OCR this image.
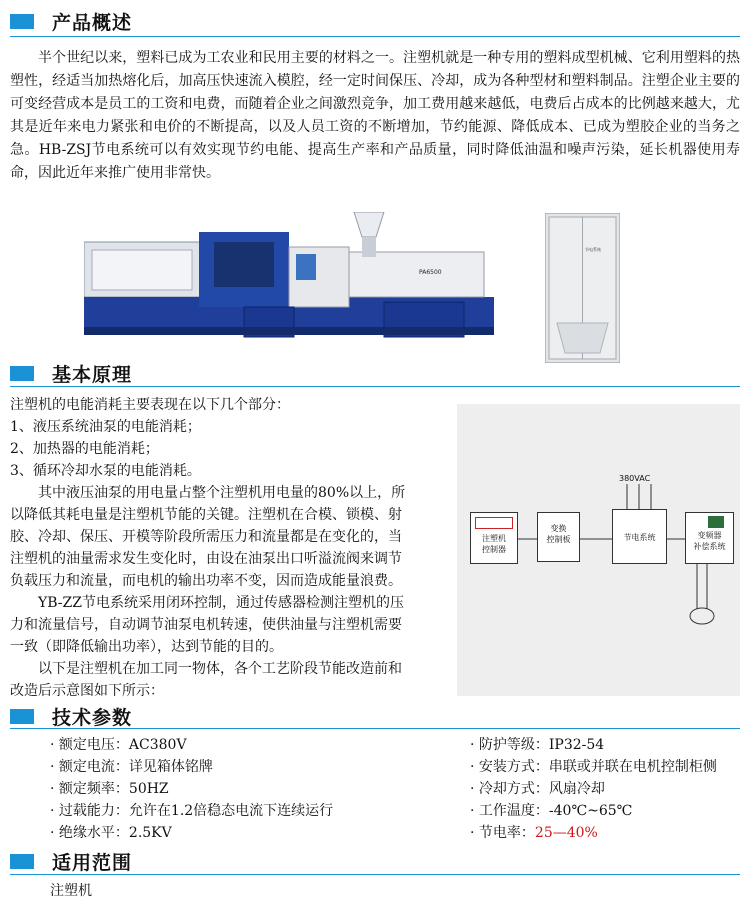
产品概述
半个世纪以来，塑料已成为工农业和民用主要的材料之一。注塑机就是一种专用的塑料成型机械、它利用塑料的热塑性，经适当加热熔化后，加高压快速流入模腔，经一定时间保压、冷却，成为各种型材和塑料制品。注塑企业主要的可变经营成本是员工的工资和电费，而随着企业之间激烈竞争，加工费用越来越低，电费后占成本的比例越来越大，尤其是近年来电力紧张和电价的不断提高，以及人员工资的不断增加，节约能源、降低成本、已成为塑胶企业的当务之急。HB-ZSJ节电系统可以有效实现节约电能、提高生产率和产品质量，同时降低油温和噪声污染，延长机器使用寿命，因此近年来推广使用非常快。
PA6500
节电系统
基本原理
注塑机的电能消耗主要表现在以下几个部分：
1、液压系统油泵的电能消耗；
2、加热器的电能消耗；
3、循环冷却水泵的电能消耗。
　　其中液压油泵的用电量占整个注塑机用电量的80%以上，所
以降低其耗电量是注塑机节能的关键。注塑机在合模、锁模、射
胶、冷却、保压、开模等阶段所需压力和流量都是在变化的，当
注塑机的油量需求发生变化时，由设在油泵出口听溢流阀来调节
负载压力和流量，而电机的输出功率不变，因而造成能量浪费。
　　YB-ZZ节电系统采用闭环控制，通过传感器检测注塑机的压
力和流量信号，自动调节油泵电机转速，使供油量与注塑机需要
一致（即降低输出功率），达到节能的目的。
　　以下是注塑机在加工同一物体，各个工艺阶段节能改造前和
改造后示意图如下所示：
380VAC
注塑机
控制器
变换
控制板	节电系统	变频器
补偿系统
技术参数
· 额定电压：AC380V
· 额定电流：详见箱体铭牌
· 额定频率：50HZ
· 过载能力：允许在1.2倍稳态电流下连续运行
· 绝缘水平：2.5KV
· 防护等级：IP32-54
· 安装方式：串联或并联在电机控制柜侧
· 冷却方式：风扇冷却
· 工作温度：-40℃~65℃
· 节电率：25—40%
适用范围
注塑机
